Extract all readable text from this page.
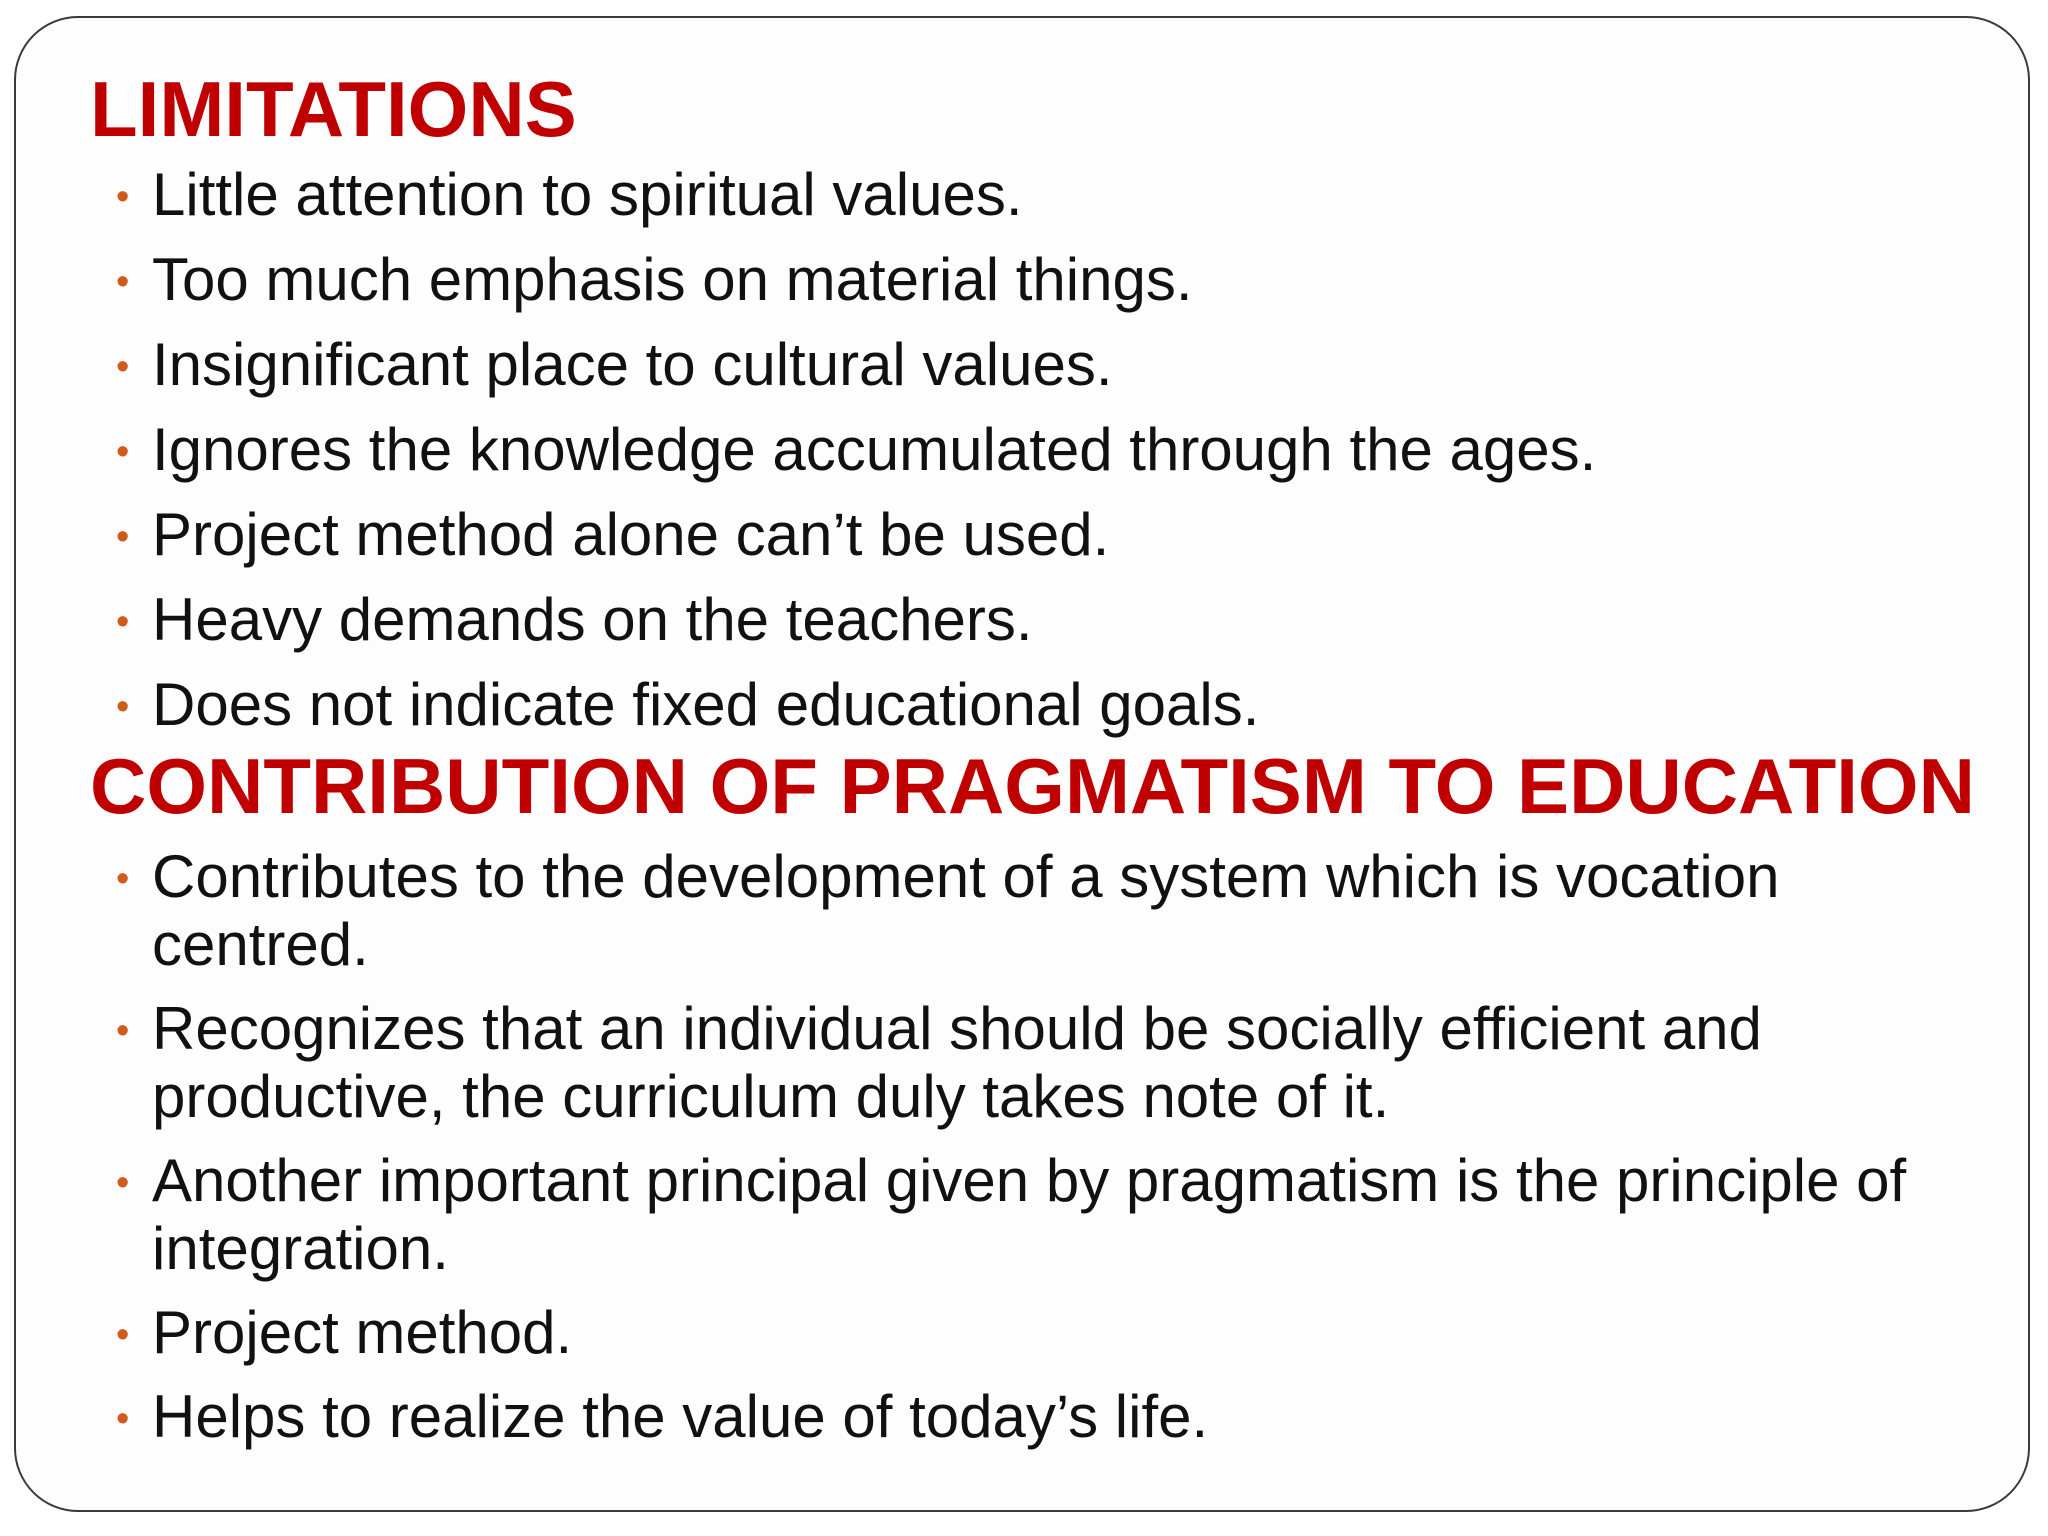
LIMITATIONS
• Little attention to spiritual values.
• Too much emphasis on material things.
• Insignificant place to cultural values.
• Ignores the knowledge accumulated through the ages.
• Project method alone can’t be used.
• Heavy demands on the teachers.
• Does not indicate fixed educational goals.
CONTRIBUTION OF PRAGMATISM TO EDUCATION
• Contributes to the development of a system which is vocation centred.
• Recognizes that an individual should be socially efficient and productive, the curriculum duly takes note of it.
• Another important principal given by pragmatism is the principle of integration.
• Project method.
• Helps to realize the value of today’s life.
